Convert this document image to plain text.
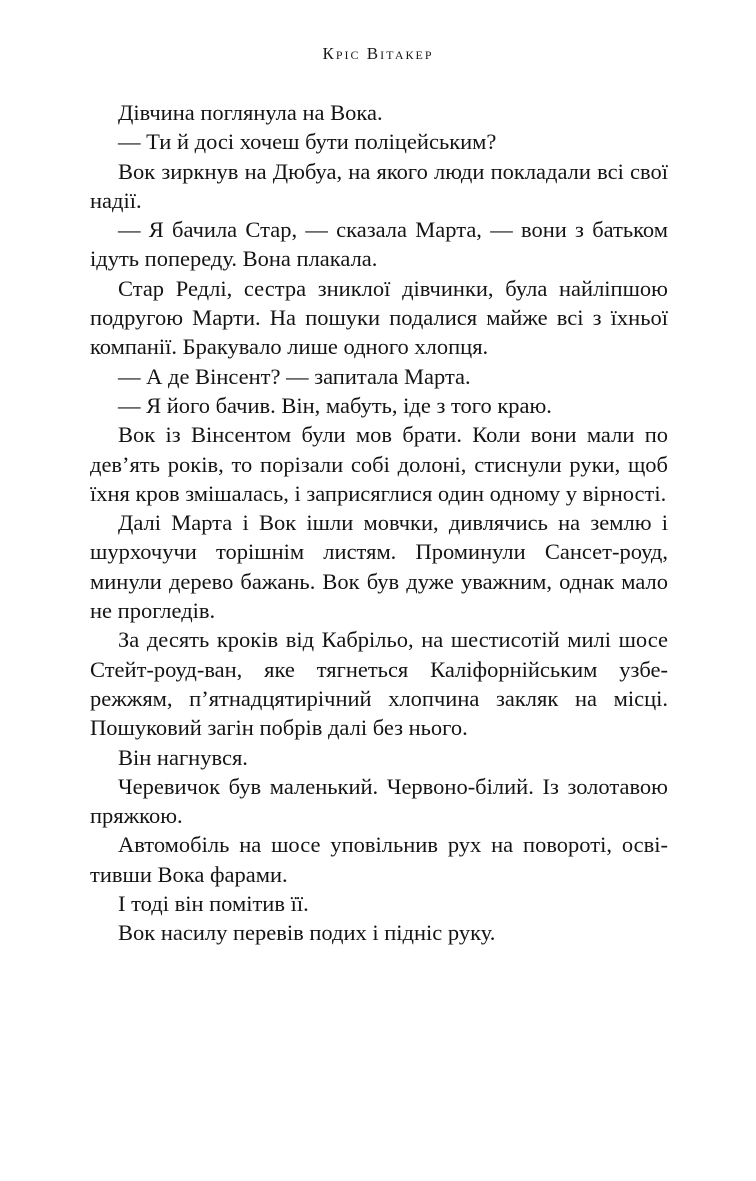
Кріс Вітакер

Дівчина поглянула на Вока.

— Ти й досі хочеш бути поліцейським?

Вок зиркнув на Дюбуа, на якого люди покладали всі свої надії.

— Я бачила Стар, — сказала Марта, — вони з батьком ідуть попереду. Вона плакала.

Стар Редлі, сестра зниклої дівчинки, була найліпшою подругою Марти. На пошуки подалися майже всі з їхньої компанії. Бракувало лише одного хлопця.

— А де Вінсент? — запитала Марта.

— Я його бачив. Він, мабуть, іде з того краю.

Вок із Вінсентом були мов брати. Коли вони мали по дев’ять років, то порізали собі долоні, стиснули руки, щоб їхня кров змішалась, і заприсяглися один одному у вірності.

Далі Марта і Вок ішли мовчки, дивлячись на землю і шурхочучи торішнім листям. Проминули Сансет-роуд, минули дерево бажань. Вок був дуже уважним, однак мало не прогледів.

За десять кроків від Кабрільо, на шестисотій милі шосе Стейт-роуд-ван, яке тягнеться Каліфорнійським узбережжям, п’ятнадцятирічний хлопчина закляк на місці. Пошуковий загін побрів далі без нього.

Він нагнувся.

Черевичок був маленький. Червоно-білий. Із золотавою пряжкою.

Автомобіль на шосе уповільнив рух на повороті, освітивши Вока фарами.

І тоді він помітив її.

Вок насилу перевів подих і підніс руку.
